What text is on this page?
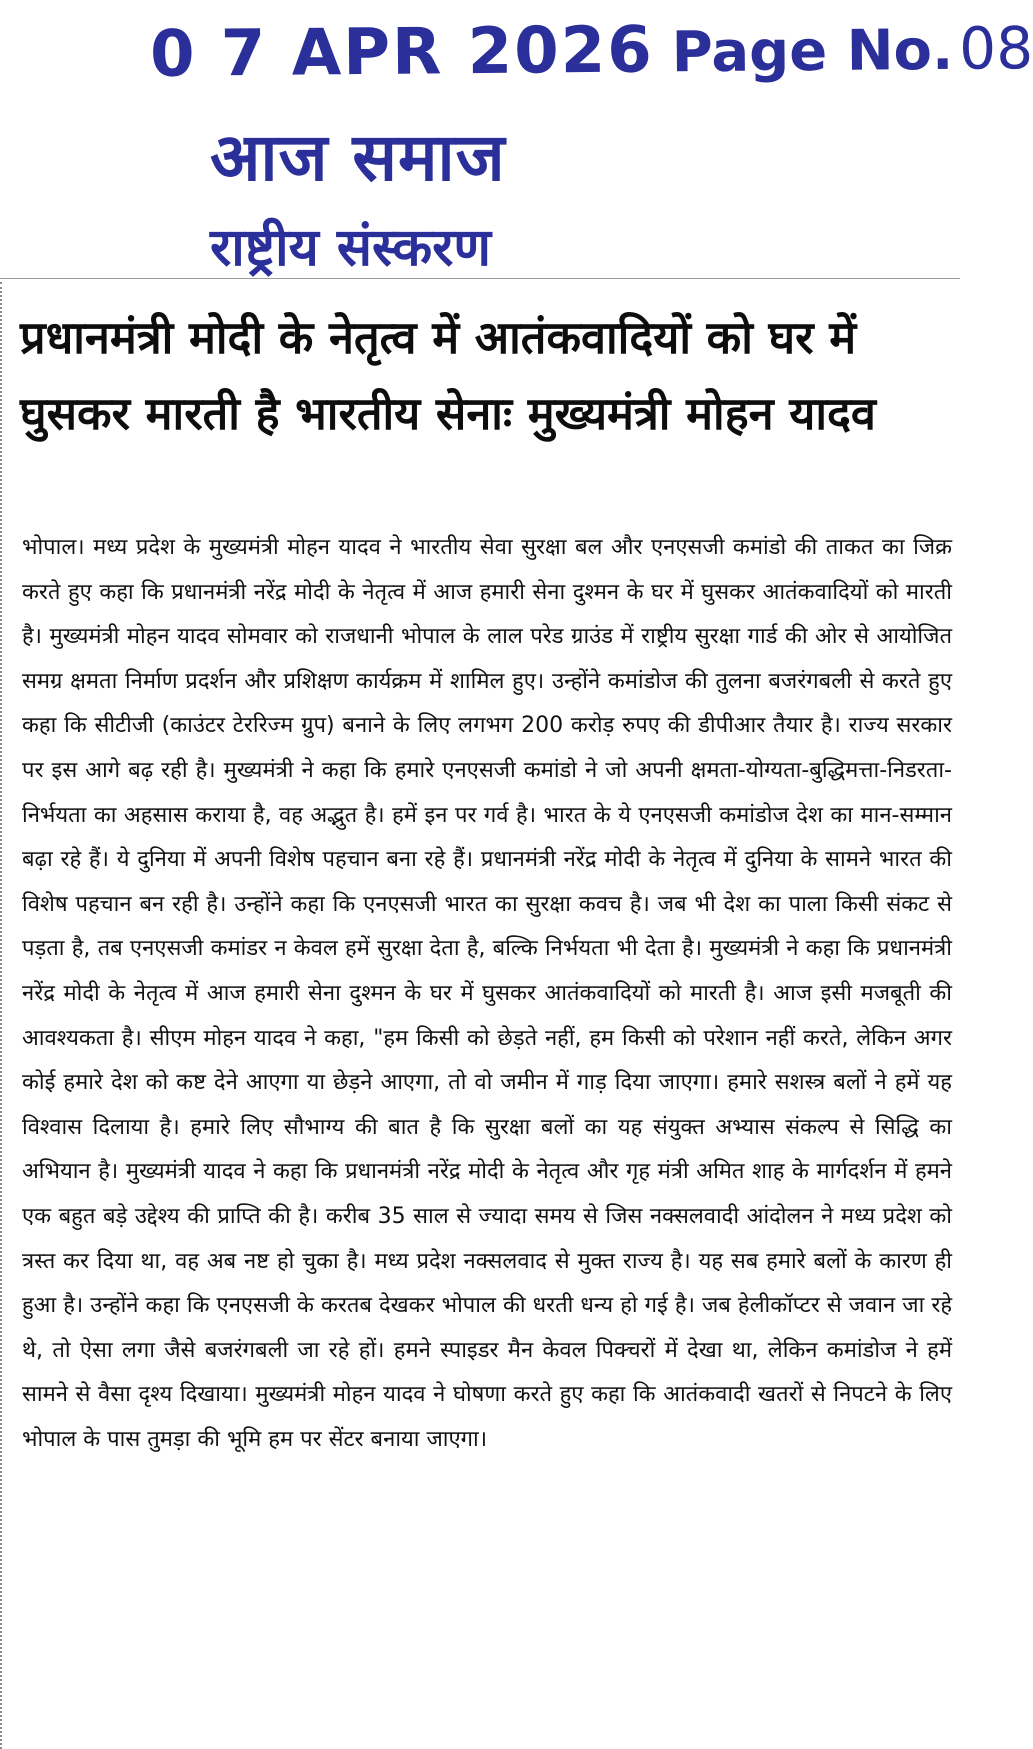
0 7 APR 2026 Page No.08
आज समाज
राष्ट्रीय संस्करण
प्रधानमंत्री मोदी के नेतृत्व में आतंकवादियों को घर में घुसकर मारती है भारतीय सेनाः मुख्यमंत्री मोहन यादव

भोपाल। मध्य प्रदेश के मुख्यमंत्री मोहन यादव ने भारतीय सेवा सुरक्षा बल और एनएसजी कमांडो की ताकत का जिक्र करते हुए कहा कि प्रधानमंत्री नरेंद्र मोदी के नेतृत्व में आज हमारी सेना दुश्मन के घर में घुसकर आतंकवादियों को मारती है। मुख्यमंत्री मोहन यादव सोमवार को राजधानी भोपाल के लाल परेड ग्राउंड में राष्ट्रीय सुरक्षा गार्ड की ओर से आयोजित समग्र क्षमता निर्माण प्रदर्शन और प्रशिक्षण कार्यक्रम में शामिल हुए। उन्होंने कमांडोज की तुलना बजरंगबली से करते हुए कहा कि सीटीजी (काउंटर टेररिज्म ग्रुप) बनाने के लिए लगभग 200 करोड़ रुपए की डीपीआर तैयार है। राज्य सरकार पर इस आगे बढ़ रही है। मुख्यमंत्री ने कहा कि हमारे एनएसजी कमांडो ने जो अपनी क्षमता-योग्यता-बुद्धिमत्ता-निडरता-निर्भयता का अहसास कराया है, वह अद्भुत है। हमें इन पर गर्व है। भारत के ये एनएसजी कमांडोज देश का मान-सम्मान बढ़ा रहे हैं। ये दुनिया में अपनी विशेष पहचान बना रहे हैं। प्रधानमंत्री नरेंद्र मोदी के नेतृत्व में दुनिया के सामने भारत की विशेष पहचान बन रही है। उन्होंने कहा कि एनएसजी भारत का सुरक्षा कवच है। जब भी देश का पाला किसी संकट से पड़ता है, तब एनएसजी कमांडर न केवल हमें सुरक्षा देता है, बल्कि निर्भयता भी देता है। मुख्यमंत्री ने कहा कि प्रधानमंत्री नरेंद्र मोदी के नेतृत्व में आज हमारी सेना दुश्मन के घर में घुसकर आतंकवादियों को मारती है। आज इसी मजबूती की आवश्यकता है। सीएम मोहन यादव ने कहा, "हम किसी को छेड़ते नहीं, हम किसी को परेशान नहीं करते, लेकिन अगर कोई हमारे देश को कष्ट देने आएगा या छेड़ने आएगा, तो वो जमीन में गाड़ दिया जाएगा। हमारे सशस्त्र बलों ने हमें यह विश्वास दिलाया है। हमारे लिए सौभाग्य की बात है कि सुरक्षा बलों का यह संयुक्त अभ्यास संकल्प से सिद्धि का अभियान है। मुख्यमंत्री यादव ने कहा कि प्रधानमंत्री नरेंद्र मोदी के नेतृत्व और गृह मंत्री अमित शाह के मार्गदर्शन में हमने एक बहुत बड़े उद्देश्य की प्राप्ति की है। करीब 35 साल से ज्यादा समय से जिस नक्सलवादी आंदोलन ने मध्य प्रदेश को त्रस्त कर दिया था, वह अब नष्ट हो चुका है। मध्य प्रदेश नक्सलवाद से मुक्त राज्य है। यह सब हमारे बलों के कारण ही हुआ है। उन्होंने कहा कि एनएसजी के करतब देखकर भोपाल की धरती धन्य हो गई है। जब हेलीकॉप्टर से जवान जा रहे थे, तो ऐसा लगा जैसे बजरंगबली जा रहे हों। हमने स्पाइडर मैन केवल पिक्चरों में देखा था, लेकिन कमांडोज ने हमें सामने से वैसा दृश्य दिखाया। मुख्यमंत्री मोहन यादव ने घोषणा करते हुए कहा कि आतंकवादी खतरों से निपटने के लिए भोपाल के पास तुमड़ा की भूमि हम पर सेंटर बनाया जाएगा।
